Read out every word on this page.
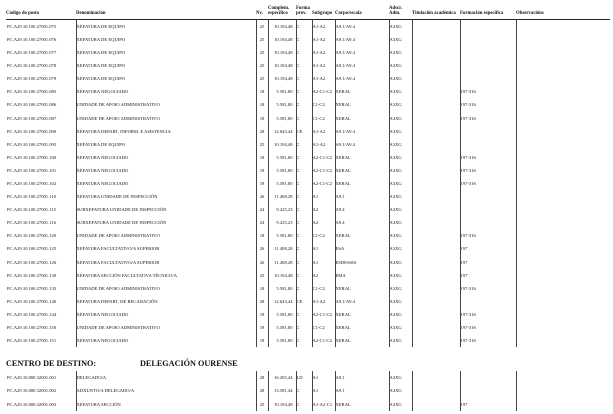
Código do posto	Denominación	Nv.	Complem. específico	Forma prov.	Subgrupo	Corpo/escala	Adscr. Adm.	Titulación académica	Formación específica	Observacións
PC.A29.10.100.27001.075	XEFATURA DE EQUIPO	25	10.194,48	C	A1-A2	A9.1/A9.4	A3XG			
PC.A29.10.100.27001.076	XEFATURA DE EQUIPO	25	10.194,48	C	A1-A2	A9.1/A9.4	A3XG			
PC.A29.10.100.27001.077	XEFATURA DE EQUIPO	25	10.194,48	C	A1-A2	A9.1/A9.4	A3XG			
PC.A29.10.100.27001.078	XEFATURA DE EQUIPO	25	10.194,48	C	A1-A2	A9.1/A9.4	A3XG			
PC.A29.10.100.27001.079	XEFATURA DE EQUIPO	25	10.194,48	C	A1-A2	A9.1/A9.4	A3XG			
PC.A29.10.100.27001.085	XEFATURA NEGOCIADO	18	5.581,80	C	A2-C1-C2	XERAL	A3XG		197-316	
PC.A29.10.100.27001.086	UNIDADE DE APOIO ADMINISTRATIVO	18	5.581,80	C	C1-C2	XERAL	A3XG		197-316	
PC.A29.10.100.27001.087	UNIDADE DE APOIO ADMINISTRATIVO	18	5.581,80	C	C1-C2	XERAL	A3XG		197-316	
PC.A29.10.100.27001.090	XEFATURA DEPART. INFORM. E ASISTENCIA	28	12.643,44	CE	A1-A2	A9.1/A9.4	A3XG			
PC.A29.10.100.27001.095	XEFATURA DE EQUIPO	25	10.194,48	C	A1-A2	A9.1/A9.4	A3XG			
PC.A29.10.100.27001.100	XEFATURA NEGOCIADO	18	5.581,80	C	A2-C1-C2	XERAL	A3XG		197-316	
PC.A29.10.100.27001.101	XEFATURA NEGOCIADO	18	5.581,80	C	A2-C1-C2	XERAL	A3XG		197-316	
PC.A29.10.100.27001.102	XEFATURA NEGOCIADO	18	5.581,80	C	A2-C1-C2	XERAL	A3XG		197-316	
PC.A29.10.100.27001.110	XEFATURA UNIDADE DE INSPECCIÓN	26	11.408,28	C	A1	A9.1	A3XG			
PC.A29.10.100.27001.115	SUBXEFATURA UNIDADE DE INSPECCIÓN	24	9.225,23	C	A2	A9.4	A3XG			
PC.A29.10.100.27001.116	SUBXEFATURA UNIDADE DE INSPECCIÓN	24	9.225,23	C	A2	A9.4	A3XG			
PC.A29.10.100.27001.120	UNIDADE DE APOIO ADMINISTRATIVO	18	5.581,80	C	C1-C2	XERAL	A3XG		197-316	
PC.A29.10.100.27001.125	XEFATURA FACULTATIVO/A SUPERIOR	26	11.408,28	C	A1	ESA	A3XG		197	
PC.A29.10.100.27001.126	XEFATURA FACULTATIVO/A SUPERIOR	26	11.408,28	C	A1	ESDESSIS	A3XG		197	
PC.A29.10.100.27001.130	XEFATURA SECCIÓN FACULTATIVA TÉCNICO/A	25	10.194,48	C	A2	EMA	A3XG		197	
PC.A29.10.100.27001.135	UNIDADE DE APOIO ADMINISTRATIVO	18	5.581,80	C	C1-C2	XERAL	A3XG		197-316	
PC.A29.10.100.27001.140	XEFATURA DEPART. DE RECADACIÓN	28	12.643,44	CE	A1-A2	A9.1/A9.4	A3XG			
PC.A29.10.100.27001.144	XEFATURA NEGOCIADO	18	5.581,80	C	A2-C1-C2	XERAL	A3XG		197-316	
PC.A29.10.100.27001.150	UNIDADE DE APOIO ADMINISTRATIVO	18	5.581,80	C	C1-C2	XERAL	A3XG		197-316	
PC.A29.10.100.27001.151	XEFATURA NEGOCIADO	18	5.581,80	C	A2-C1-C2	XERAL	A3XG		197-316	
CENTRO DE DESTINO:	DELEGACIÓN OURENSE
PC.A29.10.000.32001.001	DELEGADO/A	28	16.205,44	LD	A1	A9.1	A3XG			
PC.A29.10.000.32001.002	ADXUNTO/A DELEGADO/A	28	13.581,44	C	A1	A9.1	A3XG			
PC.A29.10.000.32001.003	XEFATURA SECCIÓN	25	10.194,48	C	A1-A2-C1	XERAL	A3XG		197	
